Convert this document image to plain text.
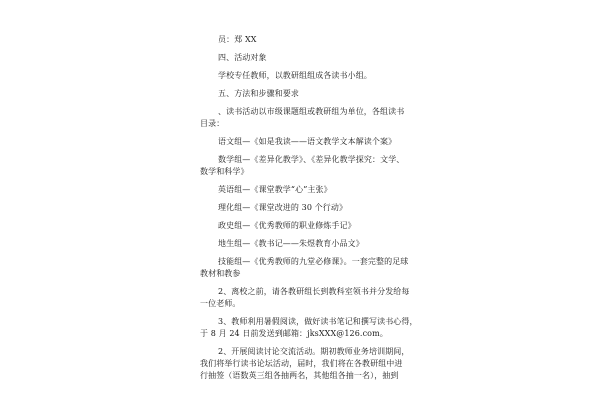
员：郑 XX

四、活动对象

学校专任教师，以教研组组成各读书小组。

五、方法和步骤和要求

、读书活动以市级课题组或教研组为单位，各组读书

目录：

语文组—《如是我读——语文教学文本解读个案》

数学组—《差异化教学》、《差异化教学探究：文学、

数学和科学》

英语组—《课堂教学“心”主张》

理化组—《课堂改进的 30 个行动》

政史组—《优秀教师的职业修炼手记》

地生组—《教书记——朱煜教育小品文》

技能组—《优秀教师的九堂必修课》。一套完整的足球

教材和教参

2、离校之前，请各教研组长到教科室领书并分发给每

一位老师。

3、教师利用暑假阅读，做好读书笔记和撰写读书心得，

于 8 月 24 日前发送到邮箱：jksXXX@126.com。

2、开展阅读讨论交流活动。期初教师业务培训期间，

我们将举行读书论坛活动，届时，我们将在各教研组中进

行抽签（语数英三组各抽两名，其他组各抽一名），抽到
